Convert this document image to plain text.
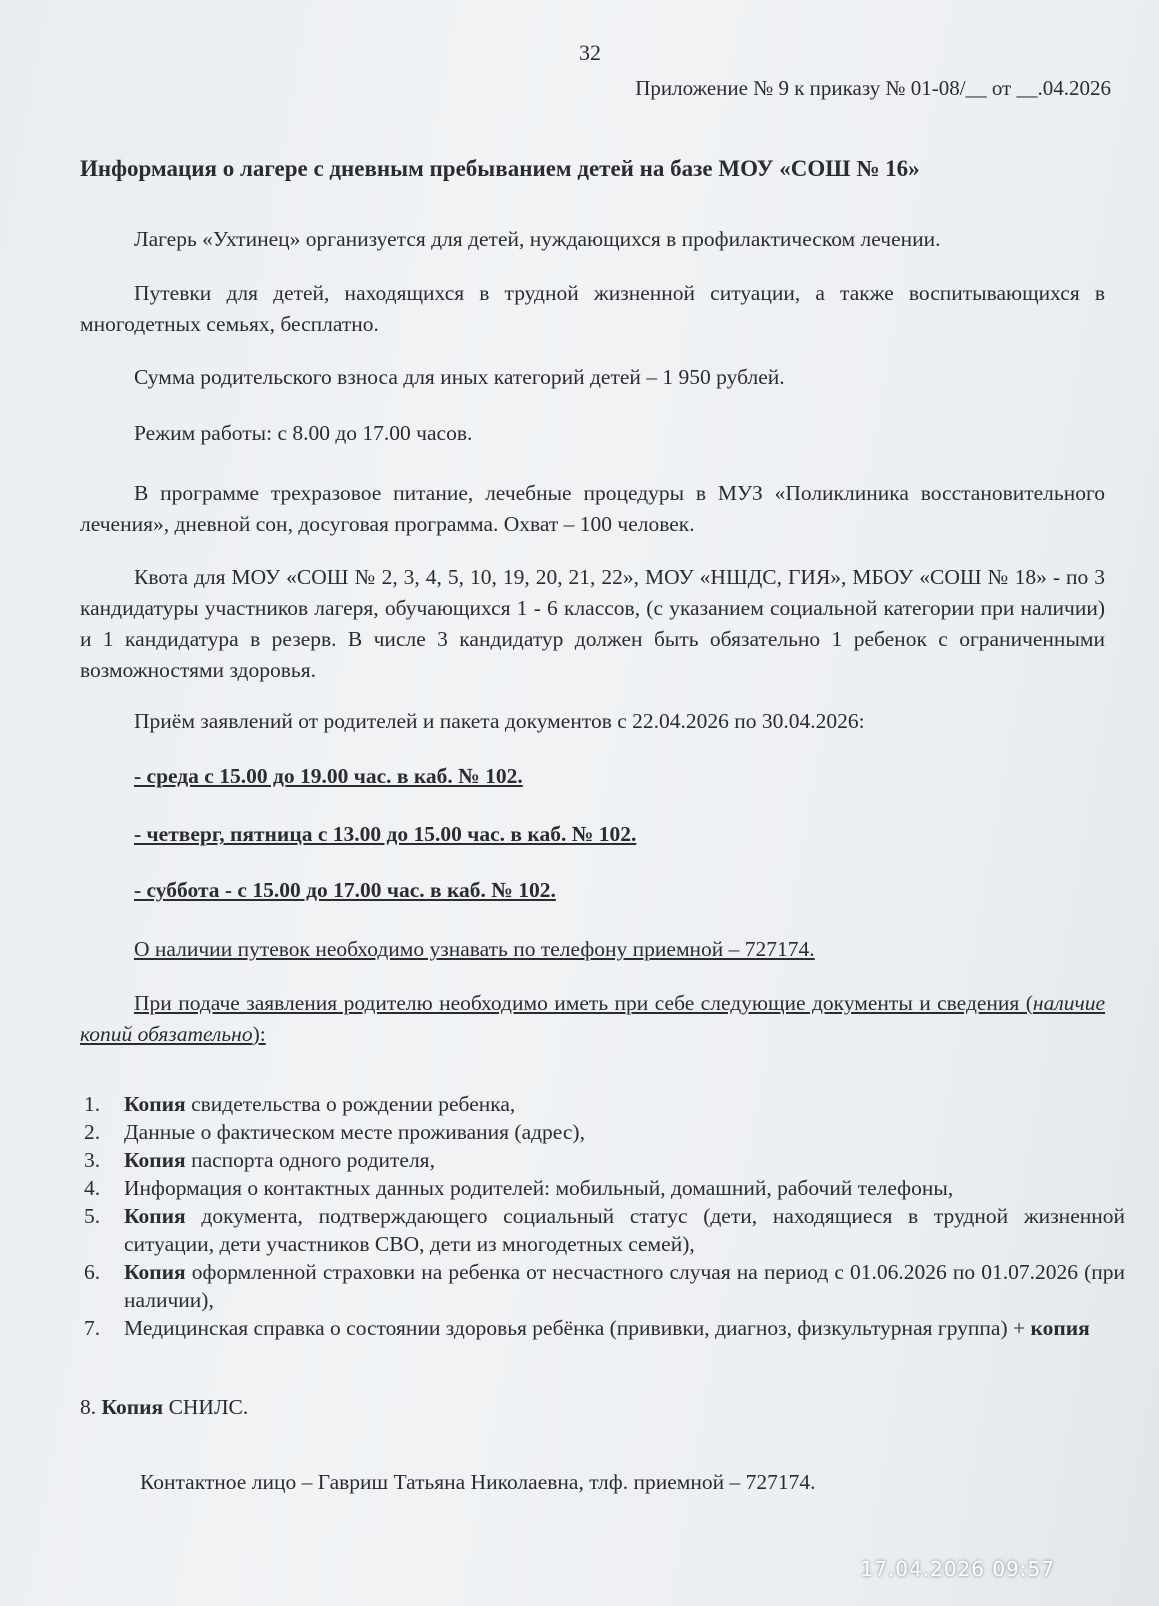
32
Приложение № 9 к приказу № 01-08/__ от __.04.2026
Информация о лагере с дневным пребыванием детей на базе МОУ «СОШ № 16»
Лагерь «Ухтинец» организуется для детей, нуждающихся в профилактическом лечении.
Путевки для детей, находящихся в трудной жизненной ситуации, а также воспитывающихся в многодетных семьях, бесплатно.
Сумма родительского взноса для иных категорий детей – 1 950 рублей.
Режим работы: с 8.00 до 17.00 часов.
В программе трехразовое питание, лечебные процедуры в МУЗ «Поликлиника восстановительного лечения», дневной сон, досуговая программа. Охват – 100 человек.
Квота для МОУ «СОШ № 2, 3, 4, 5, 10, 19, 20, 21, 22», МОУ «НШДС, ГИЯ», МБОУ «СОШ № 18» - по 3 кандидатуры участников лагеря, обучающихся 1 - 6 классов, (с указанием социальной категории при наличии) и 1 кандидатура в резерв. В числе 3 кандидатур должен быть обязательно 1 ребенок с ограниченными возможностями здоровья.
Приём заявлений от родителей и пакета документов с 22.04.2026 по 30.04.2026:
- среда с 15.00 до 19.00 час. в каб. № 102.
- четверг, пятница с 13.00 до 15.00 час. в каб. № 102.
- суббота - с 15.00 до 17.00 час. в каб. № 102.
О наличии путевок необходимо узнавать по телефону приемной – 727174.
При подаче заявления родителю необходимо иметь при себе следующие документы и сведения (наличие копий обязательно):
1. Копия свидетельства о рождении ребенка,
2. Данные о фактическом месте проживания (адрес),
3. Копия паспорта одного родителя,
4. Информация о контактных данных родителей: мобильный, домашний, рабочий телефоны,
5. Копия документа, подтверждающего социальный статус (дети, находящиеся в трудной жизненной ситуации, дети участников СВО, дети из многодетных семей),
6. Копия оформленной страховки на ребенка от несчастного случая на период с 01.06.2026 по 01.07.2026 (при наличии),
7. Медицинская справка о состоянии здоровья ребёнка (прививки, диагноз, физкультурная группа) + копия
8. Копия СНИЛС.
Контактное лицо – Гавриш Татьяна Николаевна, тлф. приемной – 727174.
17.04.2026 09:57
